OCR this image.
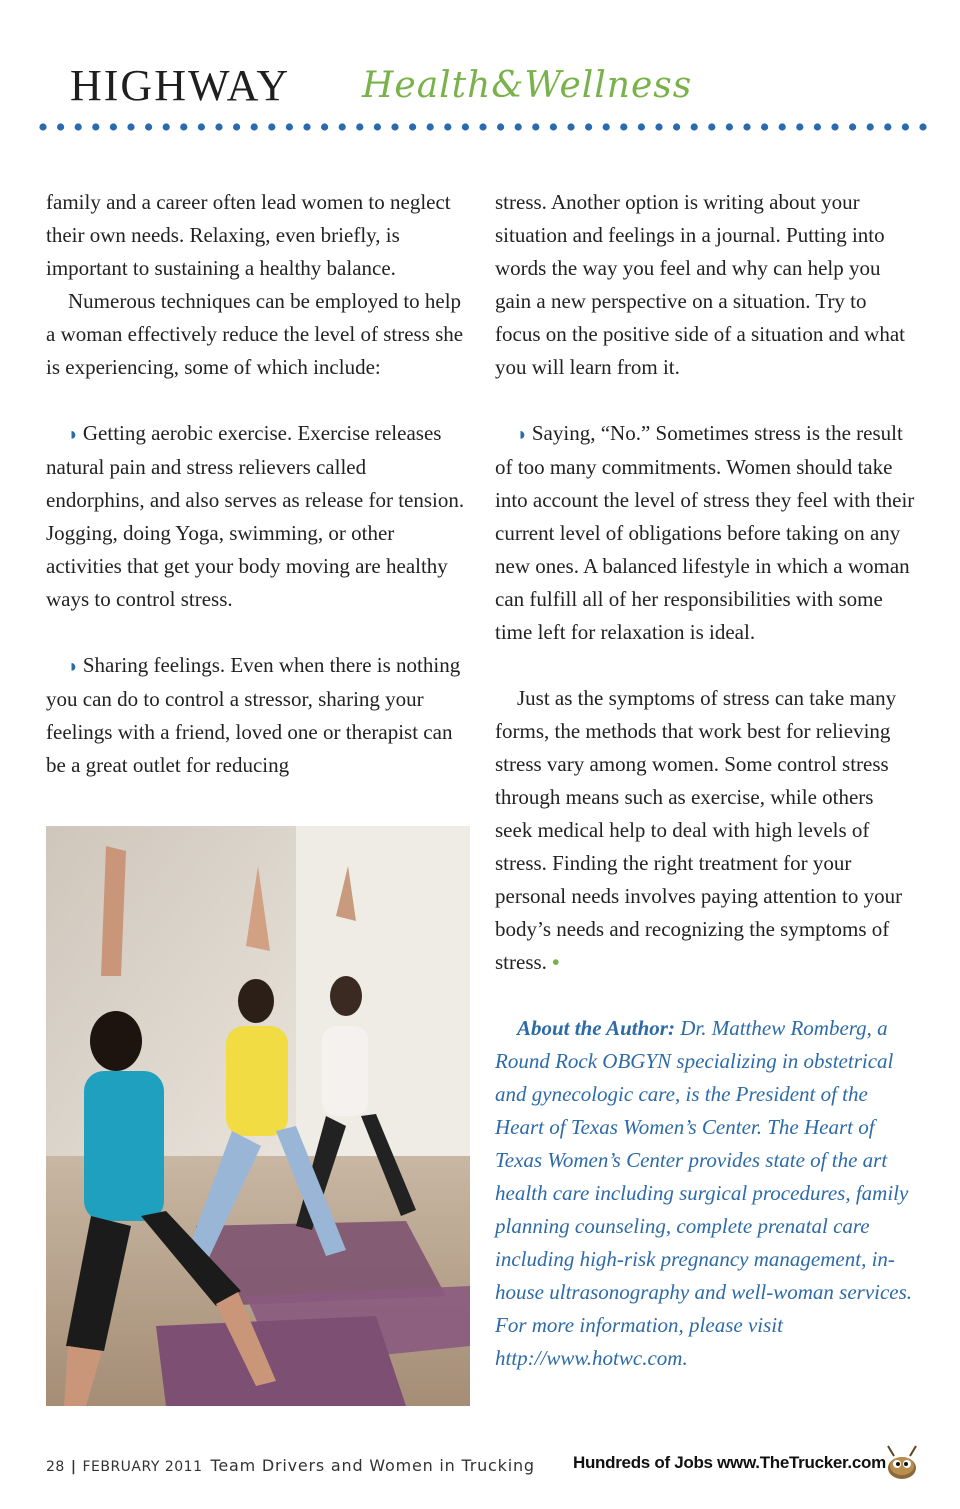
HIGHWAY Health&Wellness

family and a career often lead women to neglect their own needs. Relaxing, even briefly, is important to sustaining a healthy balance.

Numerous techniques can be employed to help a woman effectively reduce the level of stress she is experiencing, some of which include:

◗ Getting aerobic exercise. Exercise releases natural pain and stress relievers called endorphins, and also serves as release for tension. Jogging, doing Yoga, swimming, or other activities that get your body moving are healthy ways to control stress.

◗ Sharing feelings. Even when there is nothing you can do to control a stressor, sharing your feelings with a friend, loved one or therapist can be a great outlet for reducing

stress. Another option is writing about your situation and feelings in a journal. Putting into words the way you feel and why can help you gain a new perspective on a situation. Try to focus on the positive side of a situation and what you will learn from it.

◗ Saying, “No.” Sometimes stress is the result of too many commitments. Women should take into account the level of stress they feel with their current level of obligations before taking on any new ones. A balanced lifestyle in which a woman can fulfill all of her responsibilities with some time left for relaxation is ideal.

Just as the symptoms of stress can take many forms, the methods that work best for relieving stress vary among women. Some control stress through means such as exercise, while others seek medical help to deal with high levels of stress. Finding the right treatment for your personal needs involves paying attention to your body’s needs and recognizing the symptoms of stress. •

About the Author: Dr. Matthew Romberg, a Round Rock OBGYN specializing in obstetrical and gynecologic care, is the President of the Heart of Texas Women’s Center. The Heart of Texas Women’s Center provides state of the art health care including surgical procedures, family planning counseling, complete prenatal care including high-risk pregnancy management, in-house ultrasonography and well-woman services. For more information, please visit http://www.hotwc.com.

28 | FEBRUARY 2011 Team Drivers and Women in Trucking Hundreds of Jobs www.TheTrucker.com
